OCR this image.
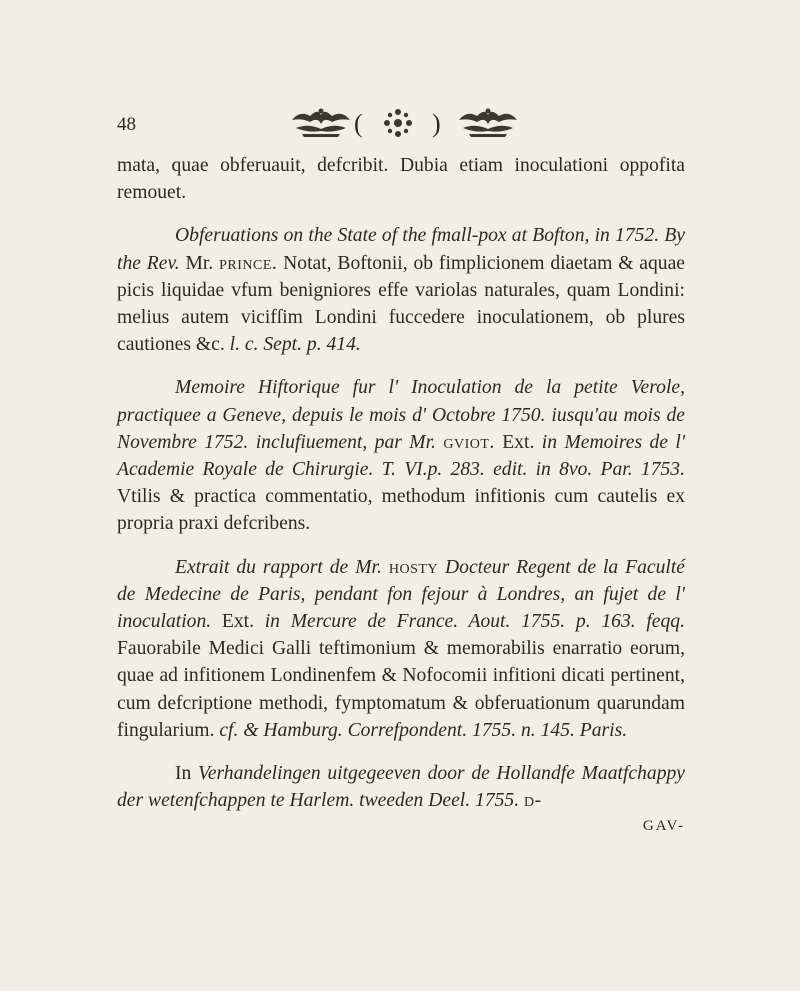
48	(	)

mata, quae obferuauit, defcribit. Dubia etiam inoculationi oppofita remouet.

Obferuations on the State of the fmall-pox at Bofton, in 1752. By the Rev. Mr. prince. Notat, Boftonii, ob fimplicionem diaetam & aquae picis liquidae vfum benigniores effe variolas naturales, quam Londini: melius autem vicifſim Londini fuccedere inoculationem, ob plures cautiones &c. l. c. Sept. p. 414.

Memoire Hiftorique fur l' Inoculation de la petite Verole, practiquee a Geneve, depuis le mois d' Octobre 1750. iusqu'au mois de Novembre 1752. inclufiuement, par Mr. gviot. Ext. in Memoires de l' Academie Royale de Chirurgie. T. VI.p. 283. edit. in 8vo. Par. 1753. Vtilis & practica commentatio, methodum infitionis cum cautelis ex propria praxi defcribens.

Extrait du rapport de Mr. hosty Docteur Regent de la Faculté de Medecine de Paris, pendant fon fejour à Londres, an fujet de l' inoculation. Ext. in Mercure de France. Aout. 1755. p. 163. feqq. Fauorabile Medici Galli teftimonium & memorabilis enarratio eorum, quae ad infitionem Londinenfem & Nofocomii infitioni dicati pertinent, cum defcriptione methodi, fymptomatum & obferuationum quarundam fingularium. cf. & Hamburg. Correfpondent. 1755. n. 145. Paris.

In Verhandelingen uitgegeeven door de Hollandfe Maatfchappy der wetenfchappen te Harlem. tweeden Deel. 1755. d-
GAV-
